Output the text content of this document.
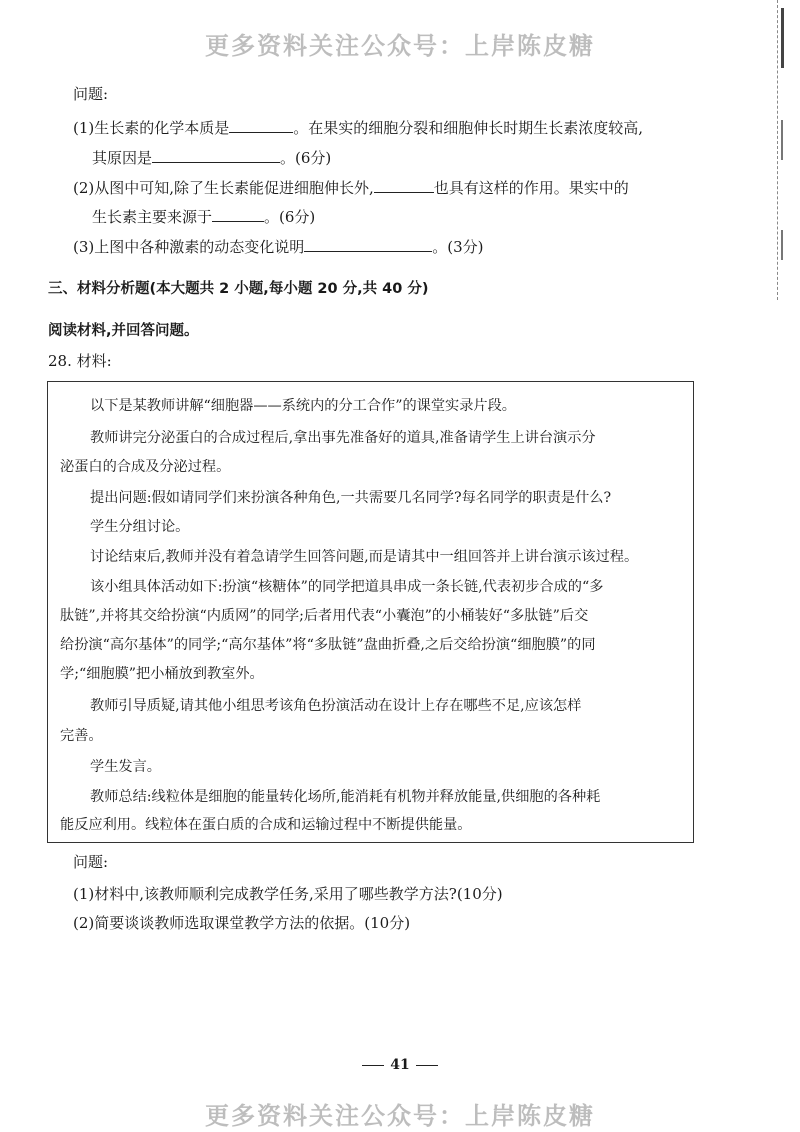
更多资料关注公众号：上岸陈皮糖
问题:
(1)生长素的化学本质是	。在果实的细胞分裂和细胞伸长时期生长素浓度较高,
其原因是	。(6分)
(2)从图中可知,除了生长素能促进细胞伸长外,	也具有这样的作用。果实中的
生长素主要来源于	。(6分)
(3)上图中各种激素的动态变化说明	。(3分)
三、材料分析题(本大题共 2 小题,每小题 20 分,共 40 分)
阅读材料,并回答问题。
28. 材料:
以下是某教师讲解“细胞器——系统内的分工合作”的课堂实录片段。
教师讲完分泌蛋白的合成过程后,拿出事先准备好的道具,准备请学生上讲台演示分
泌蛋白的合成及分泌过程。
提出问题:假如请同学们来扮演各种角色,一共需要几名同学?每名同学的职责是什么?
学生分组讨论。
讨论结束后,教师并没有着急请学生回答问题,而是请其中一组回答并上讲台演示该过程。
该小组具体活动如下:扮演“核糖体”的同学把道具串成一条长链,代表初步合成的“多
肽链”,并将其交给扮演“内质网”的同学;后者用代表“小囊泡”的小桶装好“多肽链”后交
给扮演“高尔基体”的同学;“高尔基体”将“多肽链”盘曲折叠,之后交给扮演“细胞膜”的同
学;“细胞膜”把小桶放到教室外。
教师引导质疑,请其他小组思考该角色扮演活动在设计上存在哪些不足,应该怎样
完善。
学生发言。
教师总结:线粒体是细胞的能量转化场所,能消耗有机物并释放能量,供细胞的各种耗
能反应利用。线粒体在蛋白质的合成和运输过程中不断提供能量。
问题:
(1)材料中,该教师顺利完成教学任务,采用了哪些教学方法?(10分)
(2)简要谈谈教师选取课堂教学方法的依据。(10分)
41
更多资料关注公众号：上岸陈皮糖
